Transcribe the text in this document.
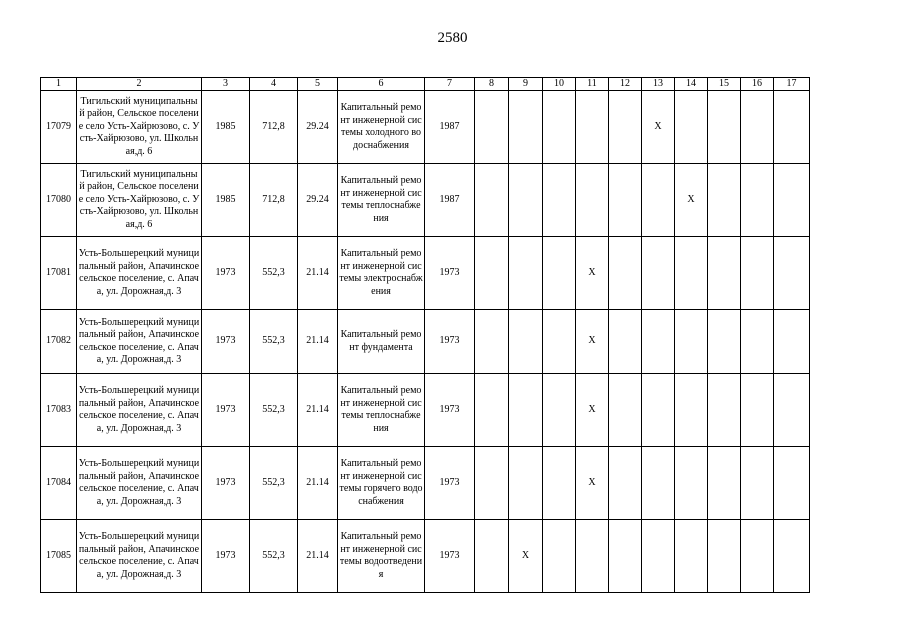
2580
1	2	3	4	5	6	7	8	9	10	11	12	13	14	15	16	17
17079	Тигильский муниципальный район, Сельское поселение село Усть-Хайрюзово, с. Усть-Хайрюзово, ул. Школьная,д. 6	1985	712,8	29.24	Капитальный ремонт инженерной системы холодного водоснабжения	1987						X				
17080	Тигильский муниципальный район, Сельское поселение село Усть-Хайрюзово, с. Усть-Хайрюзово, ул. Школьная,д. 6	1985	712,8	29.24	Капитальный ремонт инженерной системы теплоснабжения	1987							X			
17081	Усть-Большерецкий муниципальный район, Апачинское сельское поселение, с. Апача, ул. Дорожная,д. 3	1973	552,3	21.14	Капитальный ремонт инженерной системы электроснабжения	1973				X						
17082	Усть-Большерецкий муниципальный район, Апачинское сельское поселение, с. Апача, ул. Дорожная,д. 3	1973	552,3	21.14	Капитальный ремонт фундамента	1973				X						
17083	Усть-Большерецкий муниципальный район, Апачинское сельское поселение, с. Апача, ул. Дорожная,д. 3	1973	552,3	21.14	Капитальный ремонт инженерной системы теплоснабжения	1973				X						
17084	Усть-Большерецкий муниципальный район, Апачинское сельское поселение, с. Апача, ул. Дорожная,д. 3	1973	552,3	21.14	Капитальный ремонт инженерной системы горячего водоснабжения	1973				X						
17085	Усть-Большерецкий муниципальный район, Апачинское сельское поселение, с. Апача, ул. Дорожная,д. 3	1973	552,3	21.14	Капитальный ремонт инженерной системы водоотведения	1973		X								
